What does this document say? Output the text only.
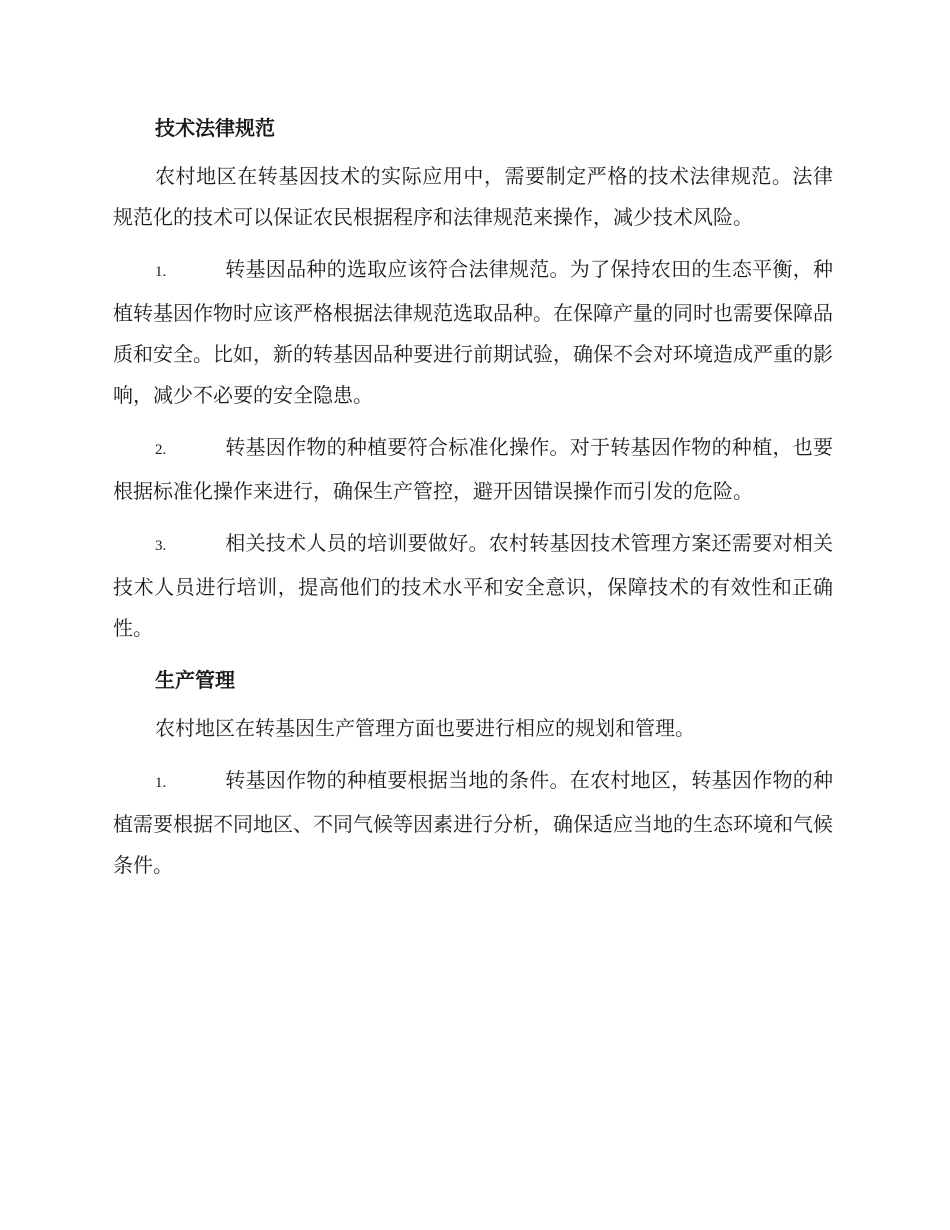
技术法律规范

农村地区在转基因技术的实际应用中，需要制定严格的技术法律规范。法律规范化的技术可以保证农民根据程序和法律规范来操作，减少技术风险。

1.	转基因品种的选取应该符合法律规范。为了保持农田的生态平衡，种植转基因作物时应该严格根据法律规范选取品种。在保障产量的同时也需要保障品质和安全。比如，新的转基因品种要进行前期试验，确保不会对环境造成严重的影响，减少不必要的安全隐患。

2.	转基因作物的种植要符合标准化操作。对于转基因作物的种植，也要根据标准化操作来进行，确保生产管控，避开因错误操作而引发的危险。

3.	相关技术人员的培训要做好。农村转基因技术管理方案还需要对相关技术人员进行培训，提高他们的技术水平和安全意识，保障技术的有效性和正确性。

生产管理

农村地区在转基因生产管理方面也要进行相应的规划和管理。

1.	转基因作物的种植要根据当地的条件。在农村地区，转基因作物的种植需要根据不同地区、不同气候等因素进行分析，确保适应当地的生态环境和气候条件。
